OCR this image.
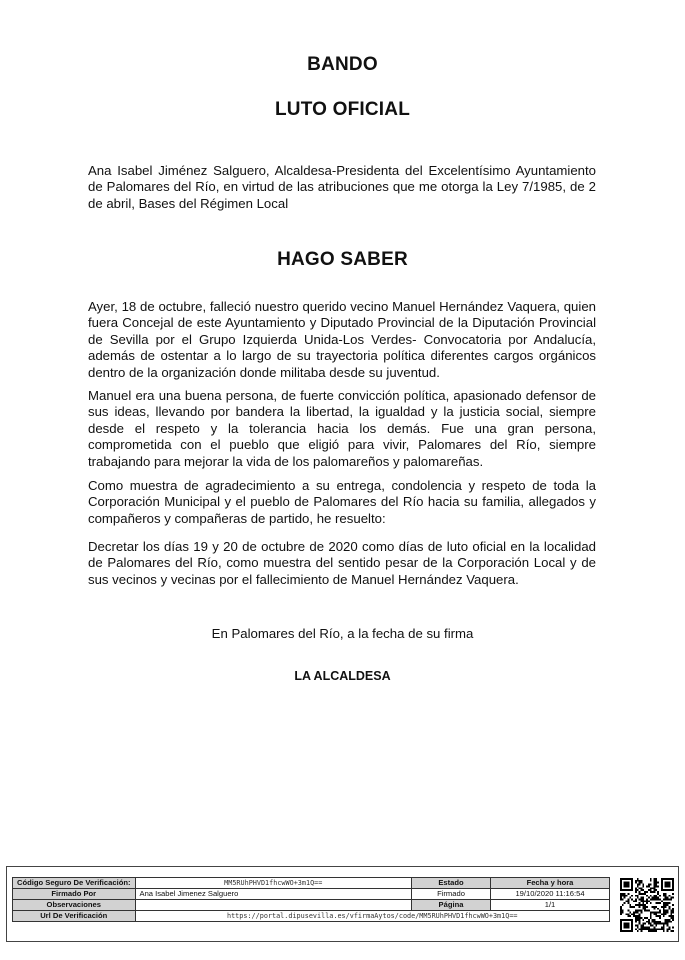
BANDO
LUTO OFICIAL
Ana Isabel Jiménez Salguero, Alcaldesa-Presidenta del Excelentísimo Ayuntamiento de Palomares del Río, en virtud de las atribuciones que me otorga la Ley 7/1985, de 2 de abril, Bases del Régimen Local
HAGO SABER
Ayer, 18 de octubre, falleció nuestro querido vecino Manuel Hernández Vaquera, quien fuera Concejal de este Ayuntamiento y Diputado Provincial de la Diputación Provincial de Sevilla por el Grupo Izquierda Unida-Los Verdes- Convocatoria por Andalucía, además de ostentar a lo largo de su trayectoria política diferentes cargos orgánicos dentro de la organización donde militaba desde su juventud.
Manuel era una buena persona, de fuerte convicción política, apasionado defensor de sus ideas, llevando por bandera la libertad, la igualdad y la justicia social, siempre desde el respeto y la tolerancia hacia los demás. Fue una gran persona, comprometida con el pueblo que eligió para vivir, Palomares del Río, siempre trabajando para mejorar la vida de los palomareños y palomareñas.
Como muestra de agradecimiento a su entrega, condolencia y respeto de toda la Corporación Municipal y el pueblo de Palomares del Río hacia su familia, allegados y compañeros y compañeras de partido, he resuelto:
Decretar los días 19 y 20 de octubre de 2020 como días de luto oficial en la localidad de Palomares del Río, como muestra del sentido pesar de la Corporación Local y de sus vecinos y vecinas por el fallecimiento de Manuel Hernández Vaquera.
En Palomares del Río, a la fecha de su firma
LA ALCALDESA
Código Seguro De Verificación:	MM5RUhPHVD1fhcwWO+3m1Q==	Estado	Fecha y hora
Firmado Por	Ana Isabel Jimenez Salguero	Firmado	19/10/2020 11:16:54
Observaciones		Página	1/1
Url De Verificación	https://portal.dipusevilla.es/vfirmaAytos/code/MM5RUhPHVD1fhcwWO+3m1Q==		
